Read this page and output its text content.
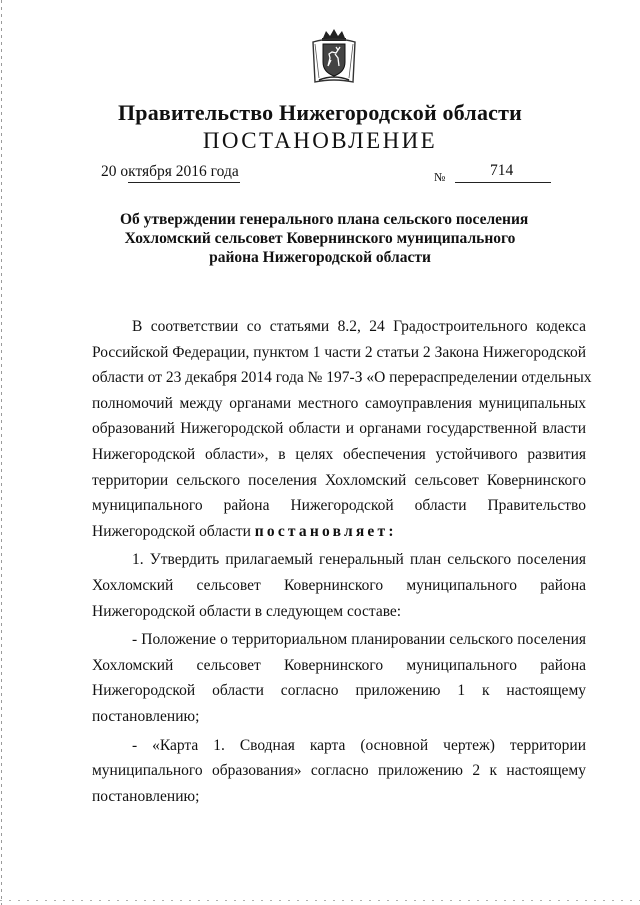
Правительство Нижегородской области
ПОСТАНОВЛЕНИЕ
20 октября 2016 года	№	714
Об утверждении генерального плана сельского поселения
Хохломский сельсовет Ковернинского муниципального
района Нижегородской области
В соответствии со статьями 8.2, 24 Градостроительного кодекса
Российской Федерации, пунктом 1 части 2 статьи 2 Закона Нижегородской
области от 23 декабря 2014 года № 197-З «О перераспределении отдельных
полномочий между органами местного самоуправления муниципальных
образований Нижегородской области и органами государственной власти
Нижегородской области», в целях обеспечения устойчивого развития
территории сельского поселения Хохломский сельсовет Ковернинского
муниципального района Нижегородской области Правительство
Нижегородской области постановляет:
1. Утвердить прилагаемый генеральный план сельского поселения
Хохломский сельсовет Ковернинского муниципального района
Нижегородской области в следующем составе:
- Положение о территориальном планировании сельского поселения
Хохломский сельсовет Ковернинского муниципального района
Нижегородской области согласно приложению 1 к настоящему
постановлению;
- «Карта 1. Сводная карта (основной чертеж) территории
муниципального образования» согласно приложению 2 к настоящему
постановлению;
